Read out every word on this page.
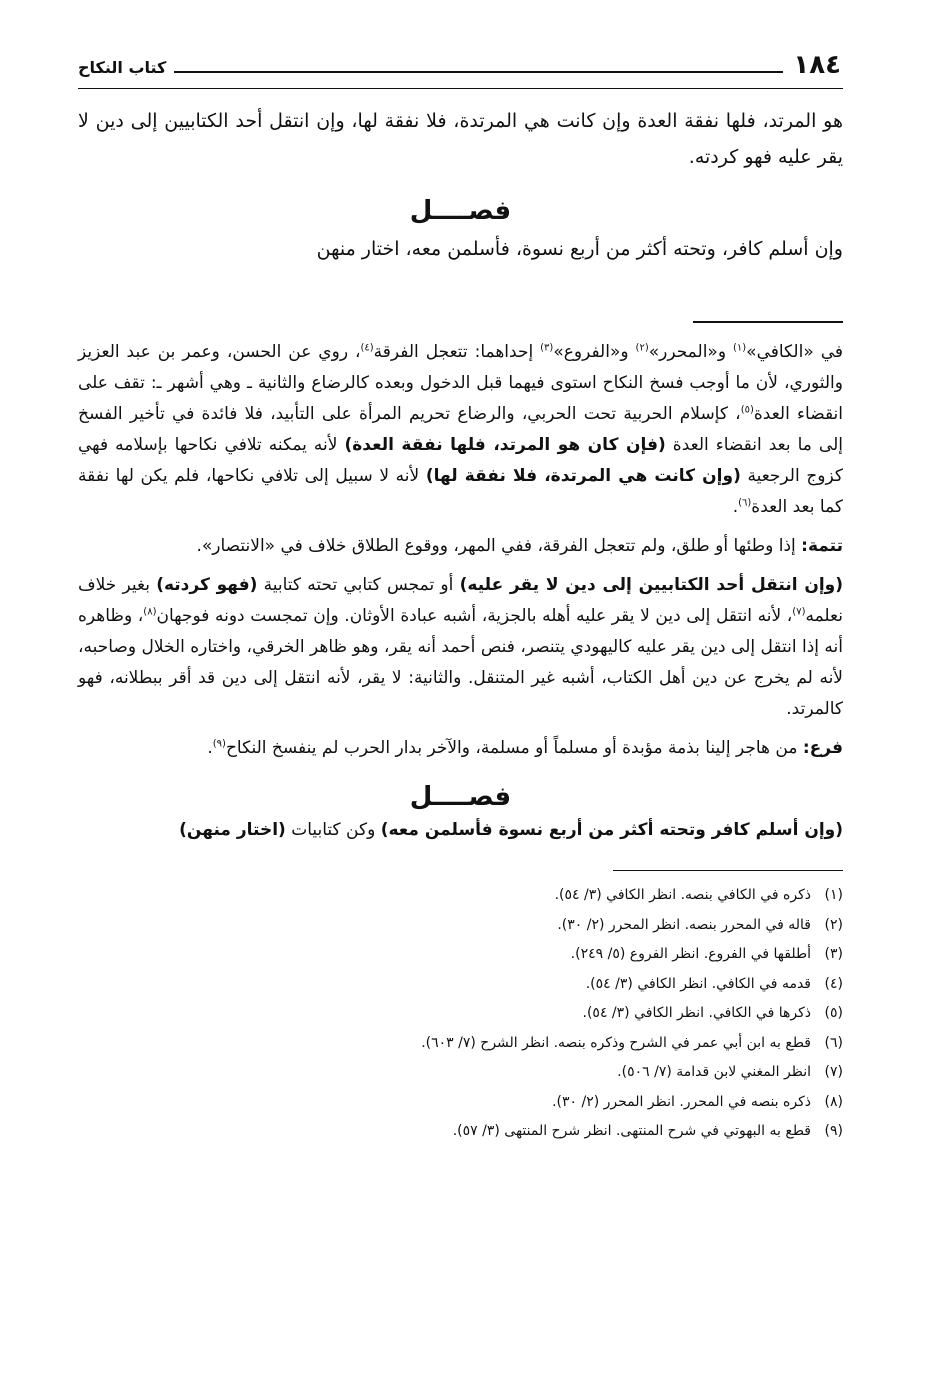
١٨٤
كتاب النكاح

هو المرتد، فلها نفقة العدة وإن كانت هي المرتدة، فلا نفقة لها، وإن انتقل أحد الكتابيين إلى دين لا يقر عليه فهو كردته.

فصــــل

وإن أسلم كافر، وتحته أكثر من أربع نسوة، فأسلمن معه، اختار منهن

في «الكافي»$^{(١)}$ و«المحرر»$^{(٢)}$ و«الفروع»$^{(٣)}$ إحداهما: تتعجل الفرقة$^{(٤)}$، روي عن الحسن، وعمر بن عبد العزيز والثوري، لأن ما أوجب فسخ النكاح استوى فيهما قبل الدخول وبعده كالرضاع والثانية ـ وهي أشهر ـ: تقف على انقضاء العدة$^{(٥)}$، كإسلام الحربية تحت الحربي، والرضاع تحريم المرأة على التأبيد، فلا فائدة في تأخير الفسخ إلى ما بعد انقضاء العدة (فإن كان هو المرتد، فلها نفقة العدة) لأنه يمكنه تلافي نكاحها بإسلامه فهي كزوج الرجعية (وإن كانت هي المرتدة، فلا نفقة لها) لأنه لا سبيل إلى تلافي نكاحها، فلم يكن لها نفقة كما بعد العدة$^{(٦)}$.

تتمة: إذا وطئها أو طلق، ولم تتعجل الفرقة، ففي المهر، ووقوع الطلاق خلاف في «الانتصار».

(وإن انتقل أحد الكتابيين إلى دين لا يقر عليه) أو تمجس كتابي تحته كتابية (فهو كردته) بغير خلاف نعلمه$^{(٧)}$، لأنه انتقل إلى دين لا يقر عليه أهله بالجزية، أشبه عبادة الأوثان. وإن تمجست دونه فوجهان$^{(٨)}$، وظاهره أنه إذا انتقل إلى دين يقر عليه كاليهودي يتنصر، فنص أحمد أنه يقر، وهو ظاهر الخرقي، واختاره الخلال وصاحبه، لأنه لم يخرج عن دين أهل الكتاب، أشبه غير المتنقل. والثانية: لا يقر، لأنه انتقل إلى دين قد أقر ببطلانه، فهو كالمرتد.

فرع: من هاجر إلينا بذمة مؤبدة أو مسلماً أو مسلمة، والآخر بدار الحرب لم ينفسخ النكاح$^{(٩)}$.

فصــــل

(وإن أسلم كافر وتحته أكثر من أربع نسوة فأسلمن معه) وكن كتابيات (اختار منهن)

(١)
ذكره في الكافي بنصه. انظر الكافي (٣/ ٥٤).
(٢)
قاله في المحرر بنصه. انظر المحرر (٢/ ٣٠).
(٣)
أطلقها في الفروع. انظر الفروع (٥/ ٢٤٩).
(٤)
قدمه في الكافي. انظر الكافي (٣/ ٥٤).
(٥)
ذكرها في الكافي. انظر الكافي (٣/ ٥٤).
(٦)
قطع به ابن أبي عمر في الشرح وذكره بنصه. انظر الشرح (٧/ ٦٠٣).
(٧)
انظر المغني لابن قدامة (٧/ ٥٠٦).
(٨)
ذكره بنصه في المحرر. انظر المحرر (٢/ ٣٠).
(٩)
قطع به البهوتي في شرح المنتهى. انظر شرح المنتهى (٣/ ٥٧).
